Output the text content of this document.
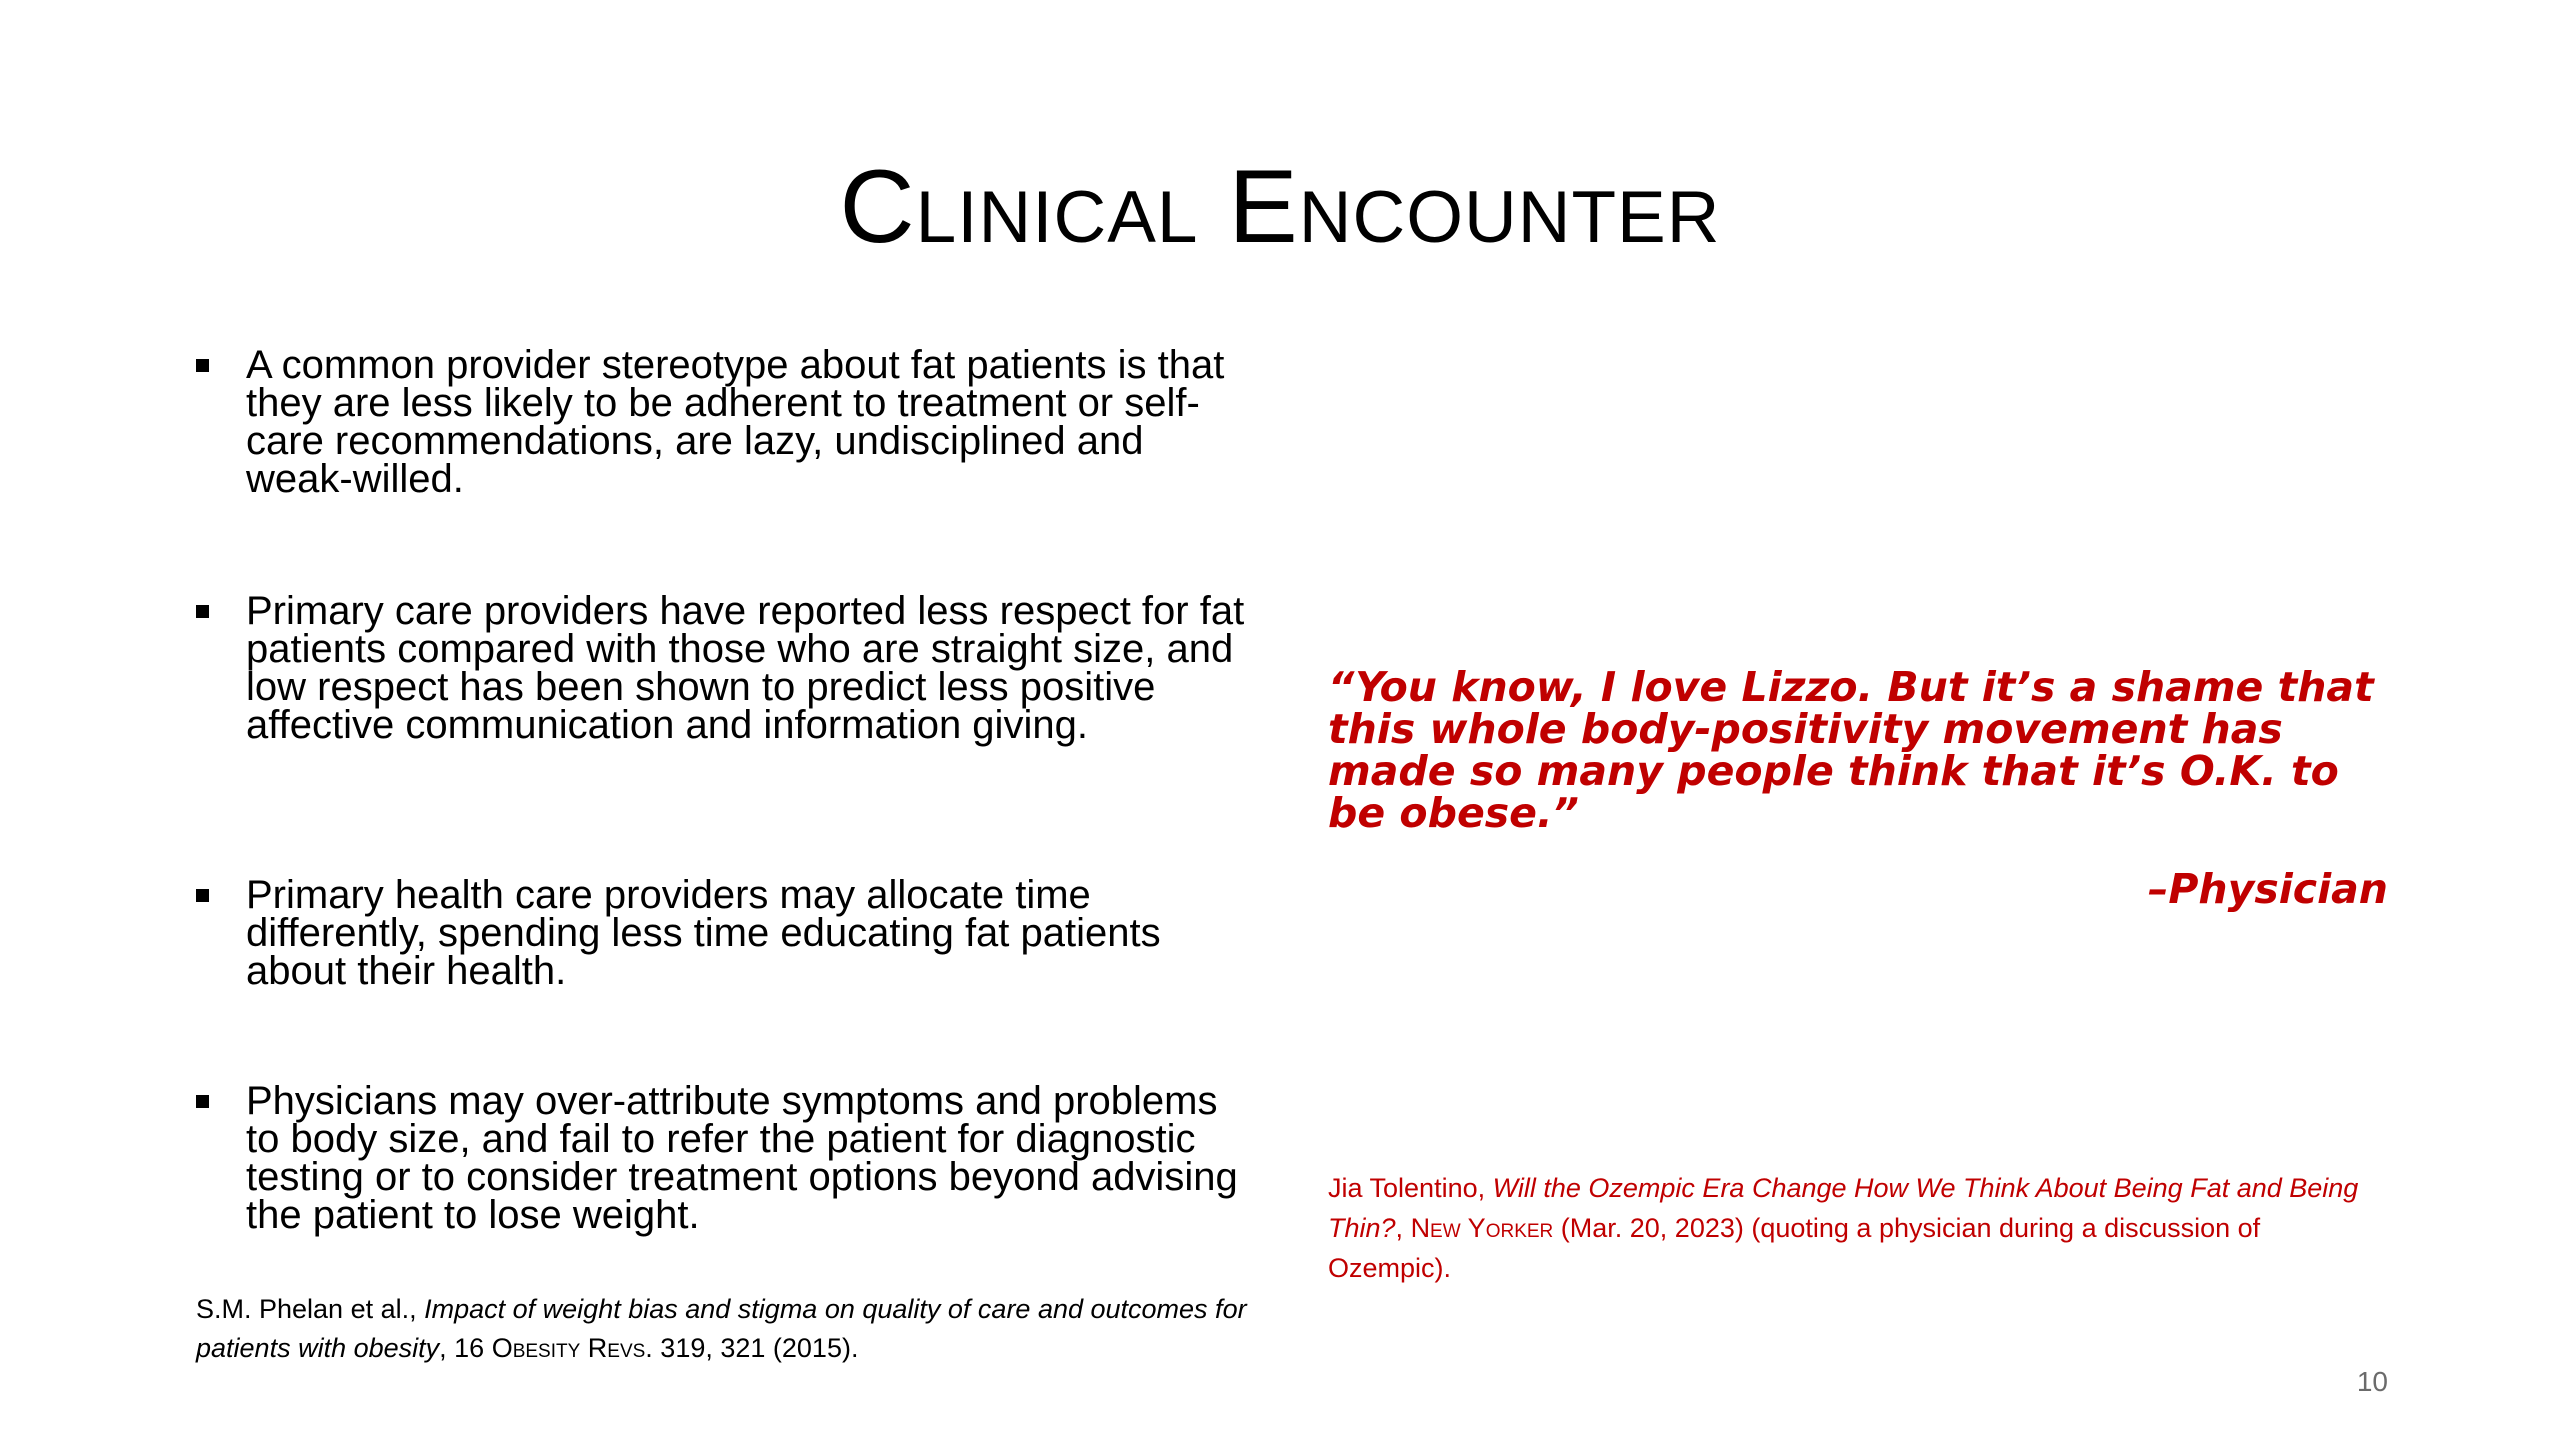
Clinical Encounter
A common provider stereotype about fat patients is that they are less likely to be adherent to treatment or self-care recommendations, are lazy, undisciplined and weak-willed.
Primary care providers have reported less respect for fat patients compared with those who are straight size, and low respect has been shown to predict less positive affective communication and information giving.
Primary health care providers may allocate time differently, spending less time educating fat patients about their health.
Physicians may over-attribute symptoms and problems to body size, and fail to refer the patient for diagnostic testing or to consider treatment options beyond advising the patient to lose weight.
S.M. Phelan et al., Impact of weight bias and stigma on quality of care and outcomes for patients with obesity, 16 Obesity Revs. 319, 321 (2015).
“You know, I love Lizzo. But it’s a shame that this whole body-positivity movement has made so many people think that it’s O.K. to be obese.”
–Physician
Jia Tolentino, Will the Ozempic Era Change How We Think About Being Fat and Being Thin?, New Yorker (Mar. 20, 2023) (quoting a physician during a discussion of Ozempic).
10
